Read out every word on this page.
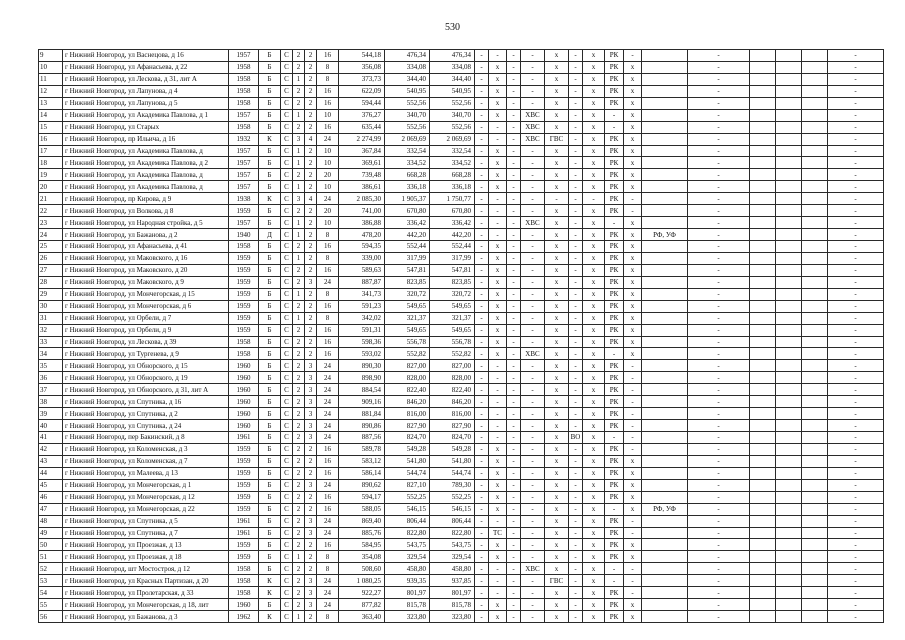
530
9	г Нижний Новгород, ул Васнецова, д 16	1957	Б	С	2	2	16	544,18	476,34	476,34	-	-	-	-	х	-	х	РК	-		-				-
10	г Нижний Новгород, ул Афанасьева, д 22	1958	Б	С	2	2	8	356,08	334,08	334,08	-	х	-	-	х	-	х	РК	х		-				-
11	г Нижний Новгород, ул Лескова, д 31, лит А	1958	Б	С	1	2	8	373,73	344,40	344,40	-	х	-	-	х	-	х	РК	х		-				-
12	г Нижний Новгород, ул Лапунова, д 4	1958	Б	С	2	2	16	622,09	540,95	540,95	-	х	-	-	х	-	х	РК	х		-				-
13	г Нижний Новгород, ул Лапунова, д 5	1958	Б	С	2	2	16	594,44	552,56	552,56	-	х	-	-	х	-	х	РК	х		-				-
14	г Нижний Новгород, ул Академика Павлова, д 1	1957	Б	С	1	2	10	376,27	340,70	340,70	-	х	-	ХВС	х	-	х	-	х		-				-
15	г Нижний Новгород, ул Старых	1958	Б	С	2	2	16	635,44	552,56	552,56	-	-	-	ХВС	х	-	х	-	х		-				-
16	г Нижний Новгород, пр Ильича, д 16	1932	К	С	3	4	24	2 274,99	2 069,69	2 069,69	-	-	-	ХВС	ГВС	-	х	РК	х		-				-
17	г Нижний Новгород, ул Академика Павлова, д	1957	Б	С	1	2	10	367,84	332,54	332,54	-	х	-	-	х	-	х	РК	х		-				-
18	г Нижний Новгород, ул Академика Павлова, д 2	1957	Б	С	1	2	10	369,61	334,52	334,52	-	х	-	-	х	-	х	РК	х		-				-
19	г Нижний Новгород, ул Академика Павлова, д	1957	Б	С	2	2	20	739,48	668,28	668,28	-	х	-	-	х	-	х	РК	х		-				-
20	г Нижний Новгород, ул Академика Павлова, д	1957	Б	С	1	2	10	386,61	336,18	336,18	-	х	-	-	х	-	х	РК	х		-				-
21	г Нижний Новгород, пр Кирова, д 9	1938	К	С	3	4	24	2 085,30	1 905,37	1 750,77	-	-	-	-	-	-	-	РК	-		-				-
22	г Нижний Новгород, ул Волкова, д 8	1959	Б	С	2	2	20	741,00	670,80	670,80	-	-	-	-	х	-	х	РК	-		-				-
23	г Нижний Новгород, ул Народная стройка, д 5	1957	Б	С	1	2	10	386,88	336,42	336,42	-	-	-	ХВС	х	-	х	-	х		-				-
24	г Нижний Новгород, ул Бажанова, д 2	1940	Д	С	1	2	8	478,20	442,20	442,20	-	-	-	-	х	-	х	РК	х	РФ, УФ	-				-
25	г Нижний Новгород, ул Афанасьева, д 41	1958	Б	С	2	2	16	594,35	552,44	552,44	-	х	-	-	х	-	х	РК	х		-				-
26	г Нижний Новгород, ул Маковского, д 16	1959	Б	С	1	2	8	339,00	317,99	317,99	-	х	-	-	х	-	х	РК	х		-				-
27	г Нижний Новгород, ул Маковского, д 20	1959	Б	С	2	2	16	589,63	547,81	547,81	-	х	-	-	х	-	х	РК	х		-				-
28	г Нижний Новгород, ул Маковского, д 9	1959	Б	С	2	3	24	887,87	823,85	823,85	-	х	-	-	х	-	х	РК	х		-				-
29	г Нижний Новгород, ул Мончегорская, д 15	1959	Б	С	1	2	8	341,73	320,72	320,72	-	х	-	-	х	-	х	РК	х		-				-
30	г Нижний Новгород, ул Мончегорская, д 6	1959	Б	С	2	2	16	591,23	549,65	549,65	-	х	-	-	х	-	х	РК	х		-				-
31	г Нижний Новгород, ул Орбели, д 7	1959	Б	С	1	2	8	342,02	321,37	321,37	-	х	-	-	х	-	х	РК	х		-				-
32	г Нижний Новгород, ул Орбели, д 9	1959	Б	С	2	2	16	591,31	549,65	549,65	-	х	-	-	х	-	х	РК	х		-				-
33	г Нижний Новгород, ул Лескова, д 39	1958	Б	С	2	2	16	598,36	556,78	556,78	-	х	-	-	х	-	х	РК	х		-				-
34	г Нижний Новгород, ул Тургенева, д 9	1958	Б	С	2	2	16	593,02	552,82	552,82	-	х	-	ХВС	х	-	х	-	х		-				-
35	г Нижний Новгород, ул Обнорского, д 15	1960	Б	С	2	3	24	890,30	827,00	827,00	-	-	-	-	х	-	х	РК	-		-				-
36	г Нижний Новгород, ул Обнорского, д 19	1960	Б	С	2	3	24	898,90	828,00	828,00	-	-	-	-	х	-	х	РК	-		-				-
37	г Нижний Новгород, ул Обнорского, д 31, лит А	1960	Б	С	2	3	24	884,54	822,40	822,40	-	-	-	-	х	-	х	РК	-		-				-
38	г Нижний Новгород, ул Спутника, д 16	1960	Б	С	2	3	24	909,16	846,20	846,20	-	-	-	-	х	-	х	РК	-		-				-
39	г Нижний Новгород, ул Спутника, д 2	1960	Б	С	2	3	24	881,84	816,00	816,00	-	-	-	-	х	-	х	РК	-		-				-
40	г Нижний Новгород, ул Спутника, д 24	1960	Б	С	2	3	24	890,86	827,90	827,90	-	-	-	-	х	-	х	РК	-		-				-
41	г Нижний Новгород, пер Бакинский, д 8	1961	Б	С	2	3	24	887,56	824,70	824,70	-	-	-	-	х	ВО	х	-	-		-				-
42	г Нижний Новгород, ул Коломенская, д 3	1959	Б	С	2	2	16	589,78	549,28	549,28	-	х	-	-	х	-	х	РК	-		-				-
43	г Нижний Новгород, ул Коломенская, д 7	1959	Б	С	2	2	16	583,12	541,80	541,80	-	х	-	-	х	-	х	РК	х		-				-
44	г Нижний Новгород, ул Малеева, д 13	1959	Б	С	2	2	16	586,14	544,74	544,74	-	х	-	-	х	-	х	РК	х		-				-
45	г Нижний Новгород, ул Мончегорская, д 1	1959	Б	С	2	3	24	890,62	827,10	789,30	-	х	-	-	х	-	х	РК	х		-				-
46	г Нижний Новгород, ул Мончегорская, д 12	1959	Б	С	2	2	16	594,17	552,25	552,25	-	х	-	-	х	-	х	РК	х		-				-
47	г Нижний Новгород, ул Мончегорская, д 22	1959	Б	С	2	2	16	588,05	546,15	546,15	-	х	-	-	х	-	х	-	х	РФ, УФ	-				-
48	г Нижний Новгород, ул Спутника, д 5	1961	Б	С	2	3	24	869,40	806,44	806,44	-	-	-	-	х	-	х	РК	-		-				-
49	г Нижний Новгород, ул Спутника, д 7	1961	Б	С	2	3	24	885,76	822,80	822,80	-	ТС	-	-	х	-	х	РК	-		-				-
50	г Нижний Новгород, ул Проезжая, д 13	1959	Б	С	2	2	16	584,95	543,75	543,75	-	х	-	-	х	-	х	РК	х		-				-
51	г Нижний Новгород, ул Проезжая, д 18	1959	Б	С	1	2	8	354,08	329,54	329,54	-	х	-	-	х	-	х	РК	х		-				-
52	г Нижний Новгород, шт Мостостроя, д 12	1958	Б	С	2	2	8	508,60	458,80	458,80	-	-	-	ХВС	х	-	х	-	-		-				-
53	г Нижний Новгород, ул Красных Партизан, д 20	1958	К	С	2	3	24	1 080,25	939,35	937,85	-	-	-	-	ГВС	-	х	-	-		-				-
54	г Нижний Новгород, ул Пролетарская, д 33	1958	К	С	2	3	24	922,27	801,97	801,97	-	-	-	-	х	-	х	РК	-		-				-
55	г Нижний Новгород, ул Мончегорская, д 18, лит	1960	Б	С	2	3	24	877,82	815,78	815,78	-	х	-	-	х	-	х	РК	х		-				-
56	г Нижний Новгород, ул Бажанова, д 3	1962	К	С	1	2	8	363,40	323,80	323,80	-	х	-	-	х	-	х	РК	х		-				-
